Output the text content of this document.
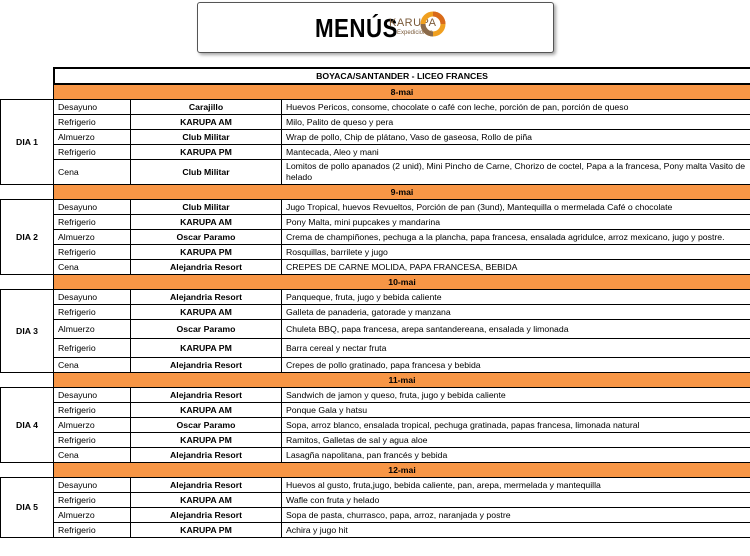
MENÚS
KARUPA
Expediciones
	BOYACA/SANTANDER - LICEO FRANCES		
	8-mai		
DIA 1	Desayuno	Carajillo	Huevos Pericos, consome, chocolate o café con leche, porción de pan, porción de queso
	Refrigerio	KARUPA AM	Milo, Palito de queso y pera
	Almuerzo	Club Militar	Wrap de pollo, Chip de plátano, Vaso de gaseosa, Rollo de piña
	Refrigerio	KARUPA PM	Mantecada, Aleo y mani
	Cena	Club Militar	Lomitos de pollo apanados (2 unid), Mini Pincho de Carne, Chorizo de coctel, Papa a la francesa, Pony malta Vasito de helado
	9-mai		
DIA 2	Desayuno	Club Militar	Jugo Tropical, huevos Revueltos, Porción de pan (3und), Mantequilla o mermelada Café o chocolate
	Refrigerio	KARUPA AM	Pony Malta, mini pupcakes y mandarina
	Almuerzo	Oscar Paramo	Crema de champiñones, pechuga a la plancha, papa francesa, ensalada agridulce, arroz mexicano, jugo y postre.
	Refrigerio	KARUPA PM	Rosquillas, barrilete y jugo
	Cena	Alejandria Resort	CREPES DE CARNE MOLIDA, PAPA FRANCESA, BEBIDA
	10-mai		
DIA 3	Desayuno	Alejandria Resort	Panqueque, fruta, jugo y bebida caliente
	Refrigerio	KARUPA AM	Galleta de panaderia, gatorade y manzana
	Almuerzo	Oscar Paramo	Chuleta BBQ, papa francesa, arepa santandereana, ensalada y limonada
	Refrigerio	KARUPA PM	Barra cereal y nectar fruta
	Cena	Alejandria Resort	Crepes de pollo gratinado, papa francesa y bebida
	11-mai		
DIA 4	Desayuno	Alejandria Resort	Sandwich de jamon y queso, fruta, jugo y bebida caliente
	Refrigerio	KARUPA AM	Ponque Gala y hatsu
	Almuerzo	Oscar Paramo	Sopa, arroz blanco, ensalada tropical, pechuga gratinada, papas francesa, limonada natural
	Refrigerio	KARUPA PM	Ramitos, Galletas de sal y agua aloe
	Cena	Alejandria Resort	Lasagña napolitana, pan francés y bebida
	12-mai		
DIA 5	Desayuno	Alejandria Resort	Huevos al gusto, fruta,jugo, bebida caliente, pan, arepa, mermelada y mantequilla
	Refrigerio	KARUPA AM	Wafle con fruta y helado
	Almuerzo	Alejandria Resort	Sopa de pasta, churrasco, papa, arroz, naranjada y postre
	Refrigerio	KARUPA PM	Achira y jugo hit
